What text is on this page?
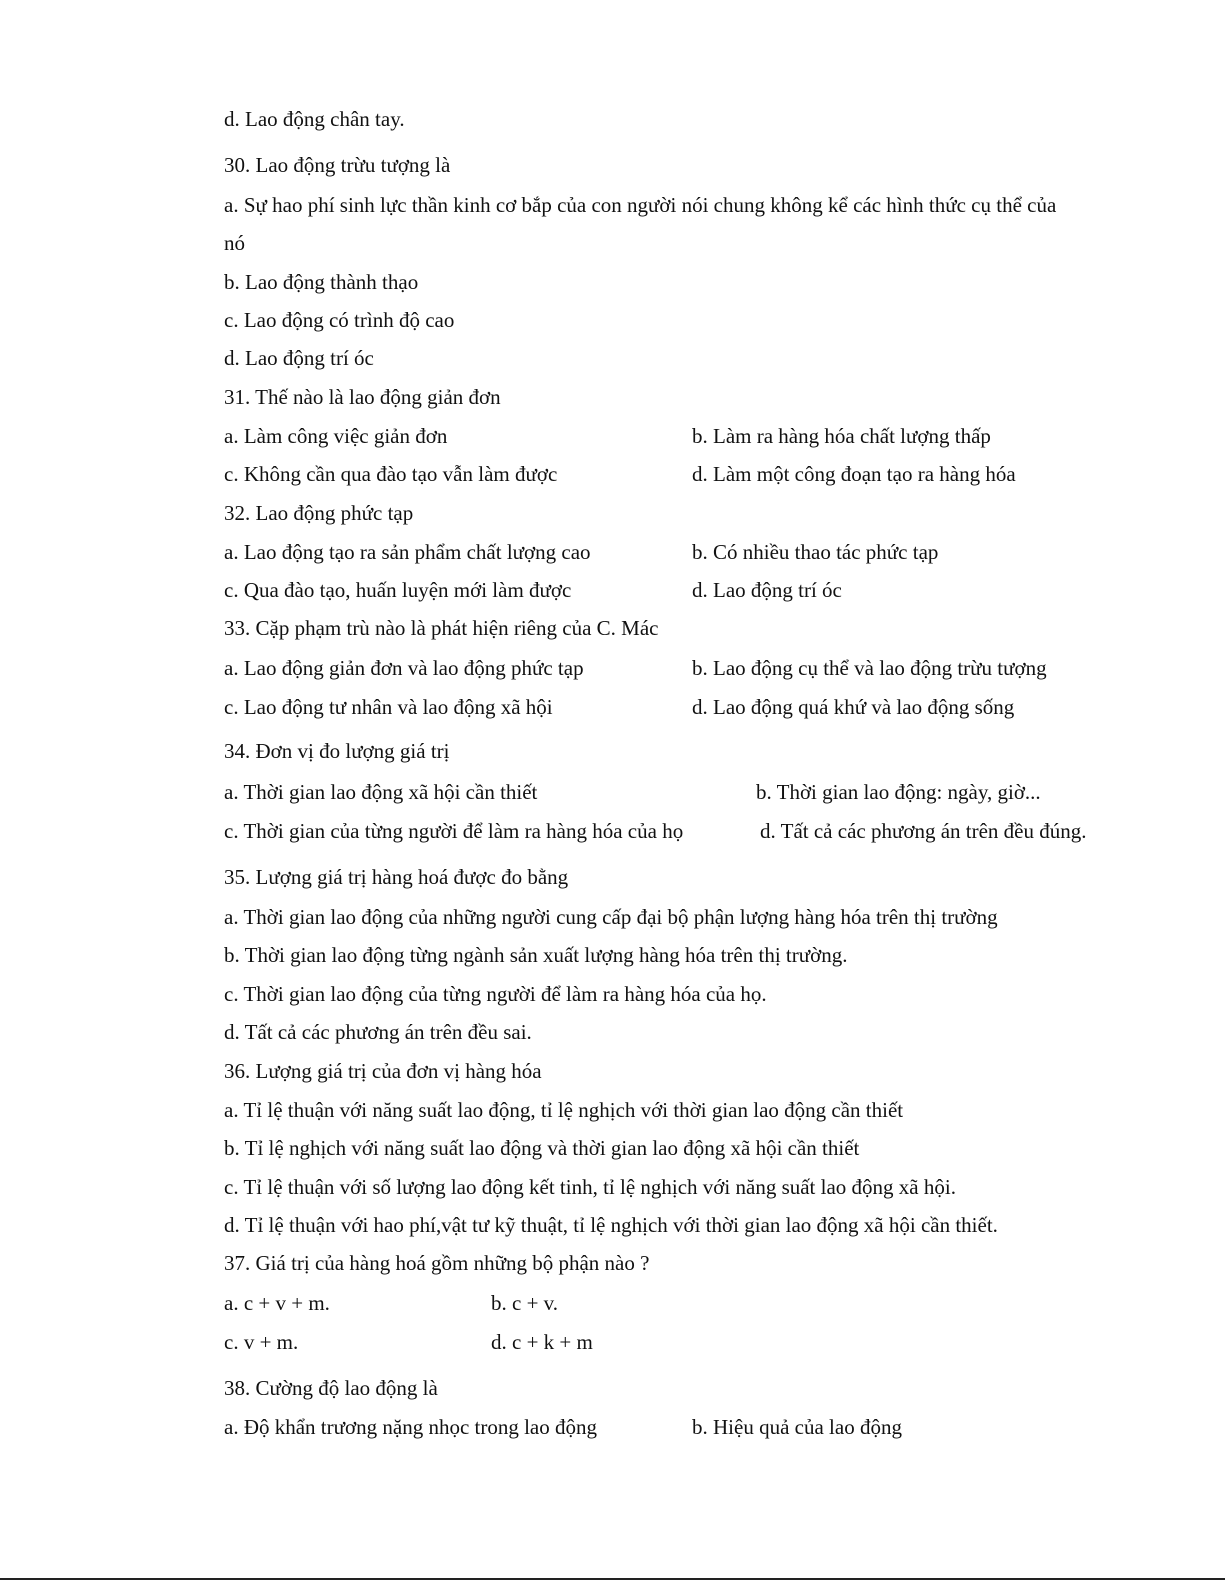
d. Lao động chân tay.
30. Lao động trừu tượng là
a. Sự hao phí sinh lực thần kinh cơ bắp của con người nói chung không kể các hình thức cụ thể của
nó
b. Lao động thành thạo
c. Lao động có trình độ cao
d. Lao động trí óc
31. Thế nào là lao động giản đơn
a. Làm công việc giản đơn	b. Làm ra hàng hóa chất lượng thấp
c. Không cần qua đào tạo vẫn làm được	d. Làm một công đoạn tạo ra hàng hóa
32. Lao động phức tạp
a. Lao động tạo ra sản phẩm chất lượng cao	b. Có nhiều thao tác phức tạp
c. Qua đào tạo, huấn luyện mới làm được	d. Lao động trí óc
33. Cặp phạm trù nào là phát hiện riêng của C. Mác
a. Lao động giản đơn và lao động phức tạp	b. Lao động cụ thể và lao động trừu tượng
c. Lao động tư nhân và lao động xã hội	d. Lao động quá khứ và lao động sống
34. Đơn vị đo lượng giá trị
a. Thời gian lao động xã hội cần thiết	b. Thời gian lao động: ngày, giờ...
c. Thời gian của từng người để làm ra hàng hóa của họ	d. Tất cả các phương án trên đều đúng.
35. Lượng giá trị hàng hoá được đo bằng
a. Thời gian lao động của những người cung cấp đại bộ phận lượng hàng hóa trên thị trường
b. Thời gian lao động từng ngành sản xuất lượng hàng hóa trên thị trường.
c. Thời gian lao động của từng người để làm ra hàng hóa của họ.
d. Tất cả các phương án trên đều sai.
36. Lượng giá trị của đơn vị hàng hóa
a. Tỉ lệ thuận với năng suất lao động, tỉ lệ nghịch với thời gian lao động cần thiết
b. Tỉ lệ nghịch với năng suất lao động và thời gian lao động xã hội cần thiết
c. Tỉ lệ thuận với số lượng lao động kết tinh, tỉ lệ nghịch với năng suất lao động xã hội.
d. Tỉ lệ thuận với hao phí,vật tư kỹ thuật, tỉ lệ nghịch với thời gian lao động xã hội cần thiết.
37. Giá trị của hàng hoá gồm những bộ phận nào ?
a. c + v + m.	b. c + v.
c. v + m.	d. c + k + m
38. Cường độ lao động là
a. Độ khẩn trương nặng nhọc trong lao động	b. Hiệu quả của lao động
